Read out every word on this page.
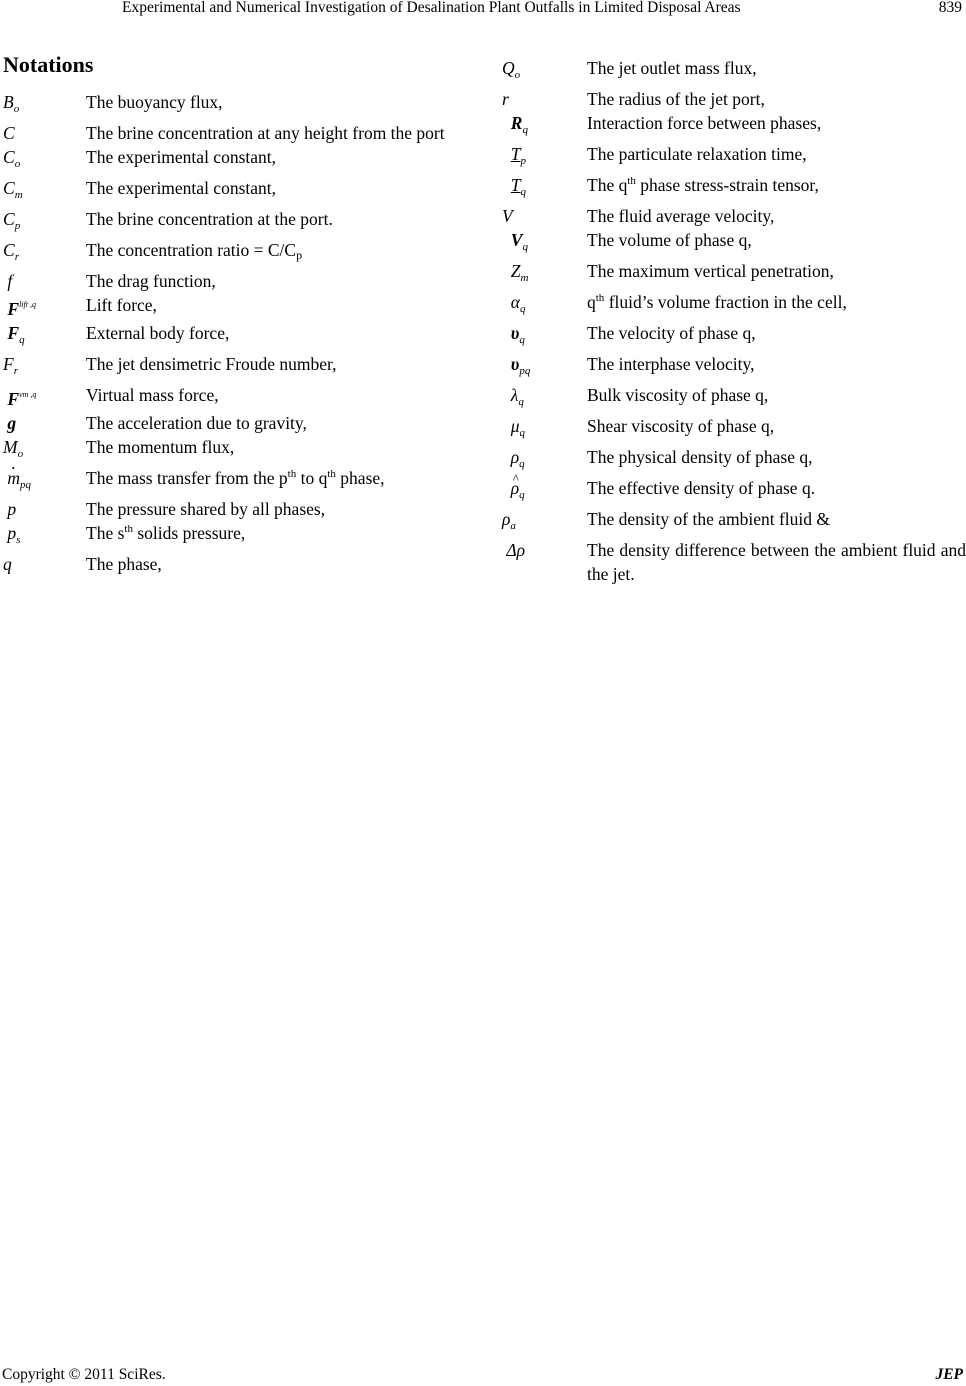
Experimental and Numerical Investigation of Desalination Plant Outfalls in Limited Disposal Areas	839
Notations
$B_o$	The buoyancy flux,
C	The brine concentration at any height from the port
$C_o$	The experimental constant,
$C_m$	The experimental constant,
$C_p$	The brine concentration at the port.
$C_r$	The concentration ratio = $C/C_p$
f	The drag function,
$F^{lift ,q}$	Lift force,
$F_q$	External body force,
$F_r$	The jet densimetric Froude number,
$F^{vm ,q}$	Virtual mass force,
g	The acceleration due to gravity,
$M_o$	The momentum flux,
· $m_{pq}$	The mass transfer from the $p^{th}$ to $q^{th}$ phase,
p	The pressure shared by all phases,
$p_s$	The $s^{th}$ solids pressure,
q	The phase,
$Q_o$	The jet outlet mass flux,
r	The radius of the jet port,
$R_q$	Interaction force between phases,
$T_p$	The particulate relaxation time,
$T_q$	The $q^{th}$ phase stress-strain tensor,
V	The fluid average velocity,
$V_q$	The volume of phase q,
$Z_m$	The maximum vertical penetration,
$\alpha_q$	$q^{th}$ fluid’s volume fraction in the cell,
$\upsilon_q$	The velocity of phase q,
$\upsilon_{pq}$	The interphase velocity,
$\lambda_q$	Bulk viscosity of phase q,
$\mu_q$	Shear viscosity of phase q,
$\rho_q$	The physical density of phase q,
^ $\rho_q$	The effective density of phase q.
$\rho_a$	The density of the ambient fluid &
Δρ	The density difference between the ambient fluid and the jet.
Copyright © 2011 SciRes.	JEP
